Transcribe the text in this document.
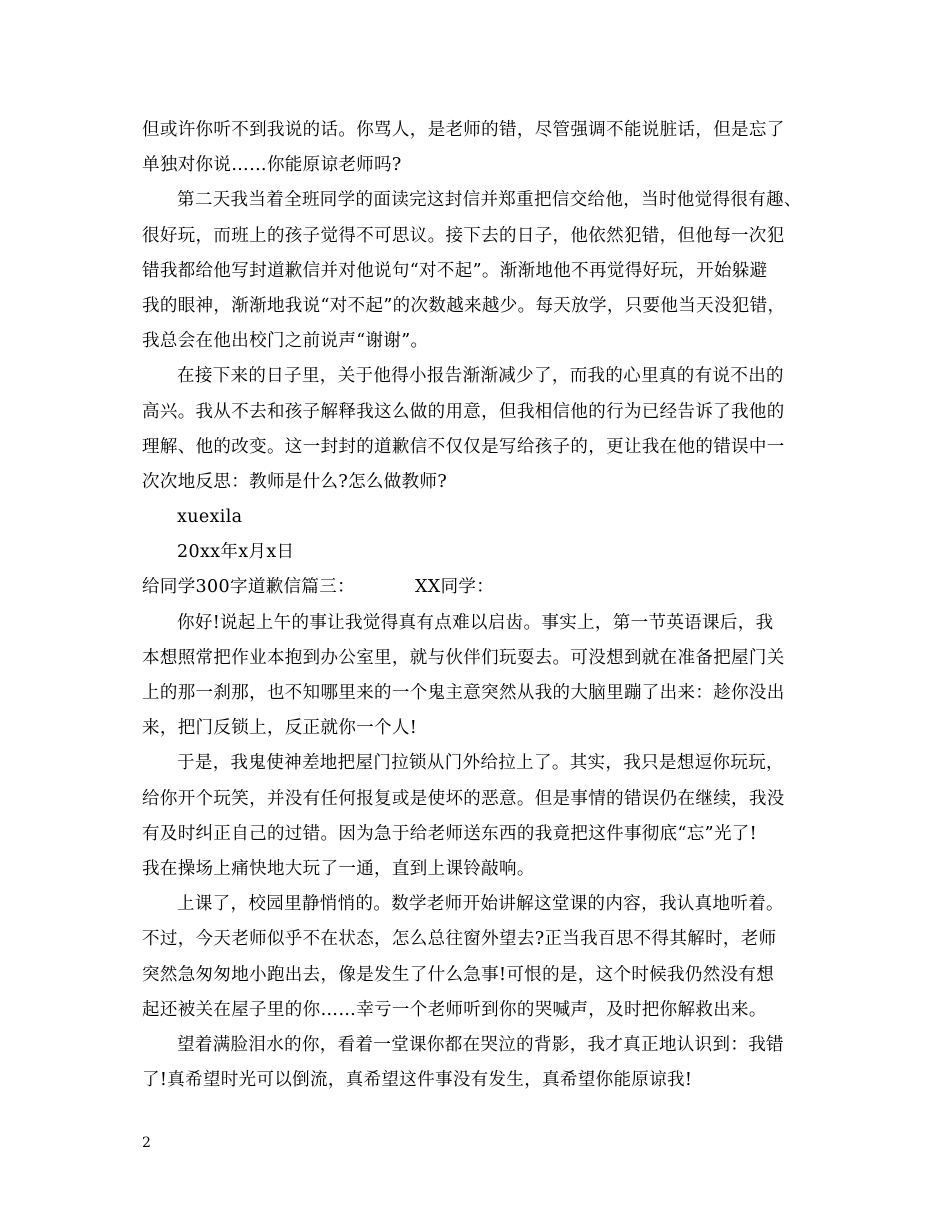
但或许你听不到我说的话。你骂人，是老师的错，尽管强调不能说脏话，但是忘了
单独对你说……你能原谅老师吗?
第二天我当着全班同学的面读完这封信并郑重把信交给他，当时他觉得很有趣、
很好玩，而班上的孩子觉得不可思议。接下去的日子，他依然犯错，但他每一次犯
错我都给他写封道歉信并对他说句“对不起”。渐渐地他不再觉得好玩，开始躲避
我的眼神，渐渐地我说“对不起”的次数越来越少。每天放学，只要他当天没犯错，
我总会在他出校门之前说声“谢谢”。
在接下来的日子里，关于他得小报告渐渐减少了，而我的心里真的有说不出的
高兴。我从不去和孩子解释我这么做的用意，但我相信他的行为已经告诉了我他的
理解、他的改变。这一封封的道歉信不仅仅是写给孩子的，更让我在他的错误中一
次次地反思：教师是什么?怎么做教师?
xuexila
20xx年x月x日
给同学300字道歉信篇三：	XX同学：
你好!说起上午的事让我觉得真有点难以启齿。事实上，第一节英语课后，我
本想照常把作业本抱到办公室里，就与伙伴们玩耍去。可没想到就在准备把屋门关
上的那一刹那，也不知哪里来的一个鬼主意突然从我的大脑里蹦了出来：趁你没出
来，把门反锁上，反正就你一个人!
于是，我鬼使神差地把屋门拉锁从门外给拉上了。其实，我只是想逗你玩玩，
给你开个玩笑，并没有任何报复或是使坏的恶意。但是事情的错误仍在继续，我没
有及时纠正自己的过错。因为急于给老师送东西的我竟把这件事彻底“忘”光了!
我在操场上痛快地大玩了一通，直到上课铃敲响。
上课了，校园里静悄悄的。数学老师开始讲解这堂课的内容，我认真地听着。
不过，今天老师似乎不在状态，怎么总往窗外望去?正当我百思不得其解时，老师
突然急匆匆地小跑出去，像是发生了什么急事!可恨的是，这个时候我仍然没有想
起还被关在屋子里的你……幸亏一个老师听到你的哭喊声，及时把你解救出来。
望着满脸泪水的你，看着一堂课你都在哭泣的背影，我才真正地认识到：我错
了!真希望时光可以倒流，真希望这件事没有发生，真希望你能原谅我!
2
